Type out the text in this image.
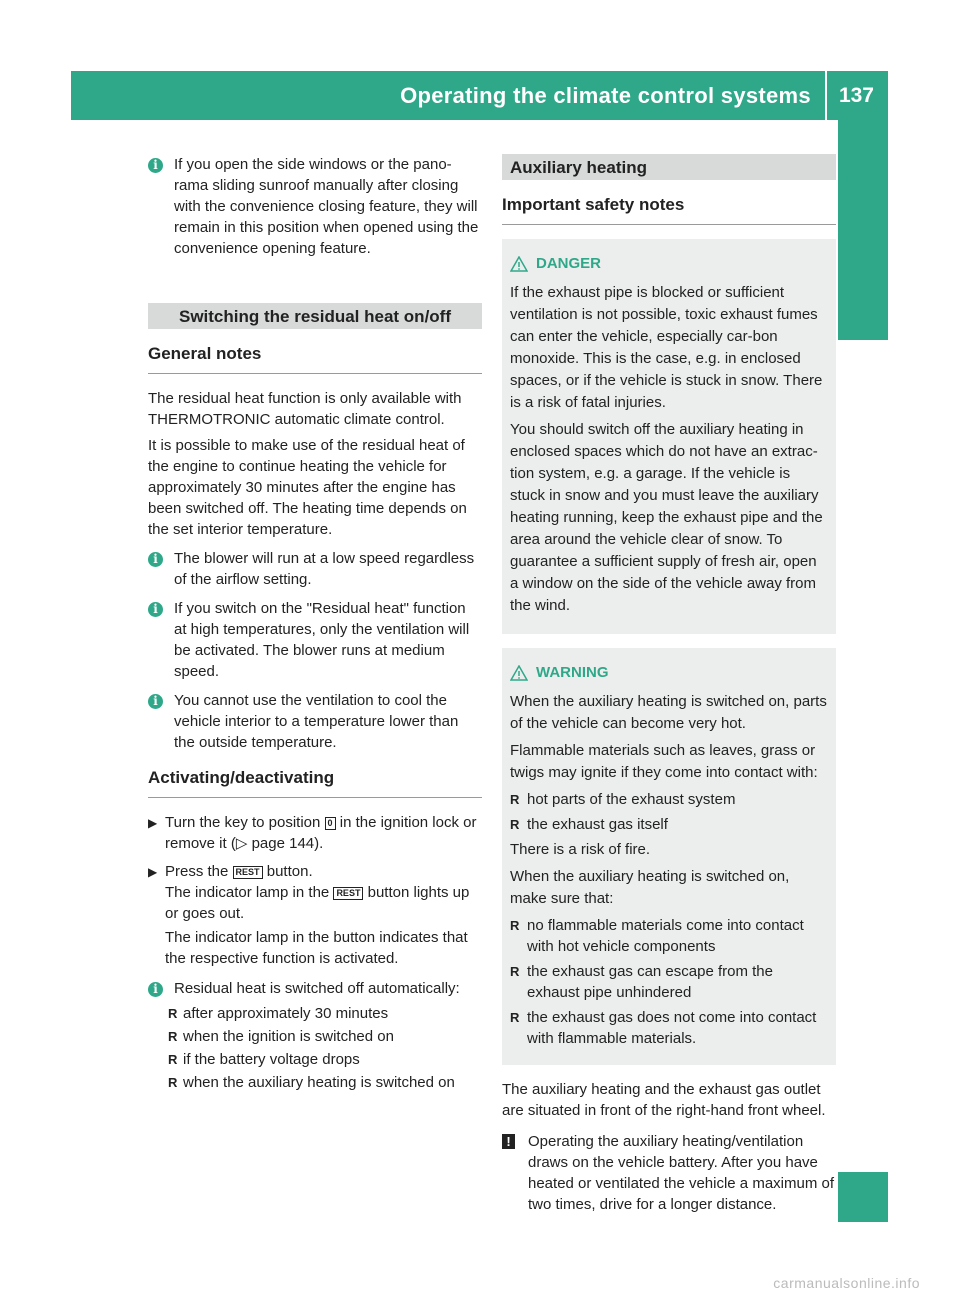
Operating the climate control systems	137
Climate control
i	If you open the side windows or the pano-rama sliding sunroof manually after closing with the convenience closing feature, they will remain in this position when opened using the convenience opening feature.

Switching the residual heat on/off
General notes

The residual heat function is only available with THERMOTRONIC automatic climate control.

It is possible to make use of the residual heat of the engine to continue heating the vehicle for approximately 30 minutes after the engine has been switched off. The heating time depends on the set interior temperature.

i	The blower will run at a low speed regardless of the airflow setting.

i	If you switch on the "Residual heat" function at high temperatures, only the ventilation will be activated. The blower runs at medium speed.

i	You cannot use the ventilation to cool the vehicle interior to a temperature lower than the outside temperature.

Activating/deactivating
▶ Turn the key to position 0 in the ignition lock or remove it (▷ page 144).

▶ Press the REST button.
The indicator lamp in the REST button lights up or goes out.

The indicator lamp in the button indicates that the respective function is activated.

i	Residual heat is switched off automatically:

R after approximately 30 minutes
R when the ignition is switched on
R if the battery voltage drops
R when the auxiliary heating is switched on
Auxiliary heating
Important safety notes
DANGER

If the exhaust pipe is blocked or sufficient ventilation is not possible, toxic exhaust fumes can enter the vehicle, especially car-bon monoxide. This is the case, e.g. in enclosed spaces, or if the vehicle is stuck in snow. There is a risk of fatal injuries.

You should switch off the auxiliary heating in enclosed spaces which do not have an extrac-tion system, e.g. a garage. If the vehicle is stuck in snow and you must leave the auxiliary heating running, keep the exhaust pipe and the area around the vehicle clear of snow. To guarantee a sufficient supply of fresh air, open a window on the side of the vehicle away from the wind.

WARNING

When the auxiliary heating is switched on, parts of the vehicle can become very hot.

Flammable materials such as leaves, grass or twigs may ignite if they come into contact with:

R hot parts of the exhaust system
R the exhaust gas itself

There is a risk of fire.

When the auxiliary heating is switched on, make sure that:

R no flammable materials come into contact with hot vehicle components
R the exhaust gas can escape from the exhaust pipe unhindered
R the exhaust gas does not come into contact with flammable materials.

The auxiliary heating and the exhaust gas outlet are situated in front of the right-hand front wheel.

!	Operating the auxiliary heating/ventilation draws on the vehicle battery. After you have heated or ventilated the vehicle a maximum of two times, drive for a longer distance.

carmanualsonline.info
